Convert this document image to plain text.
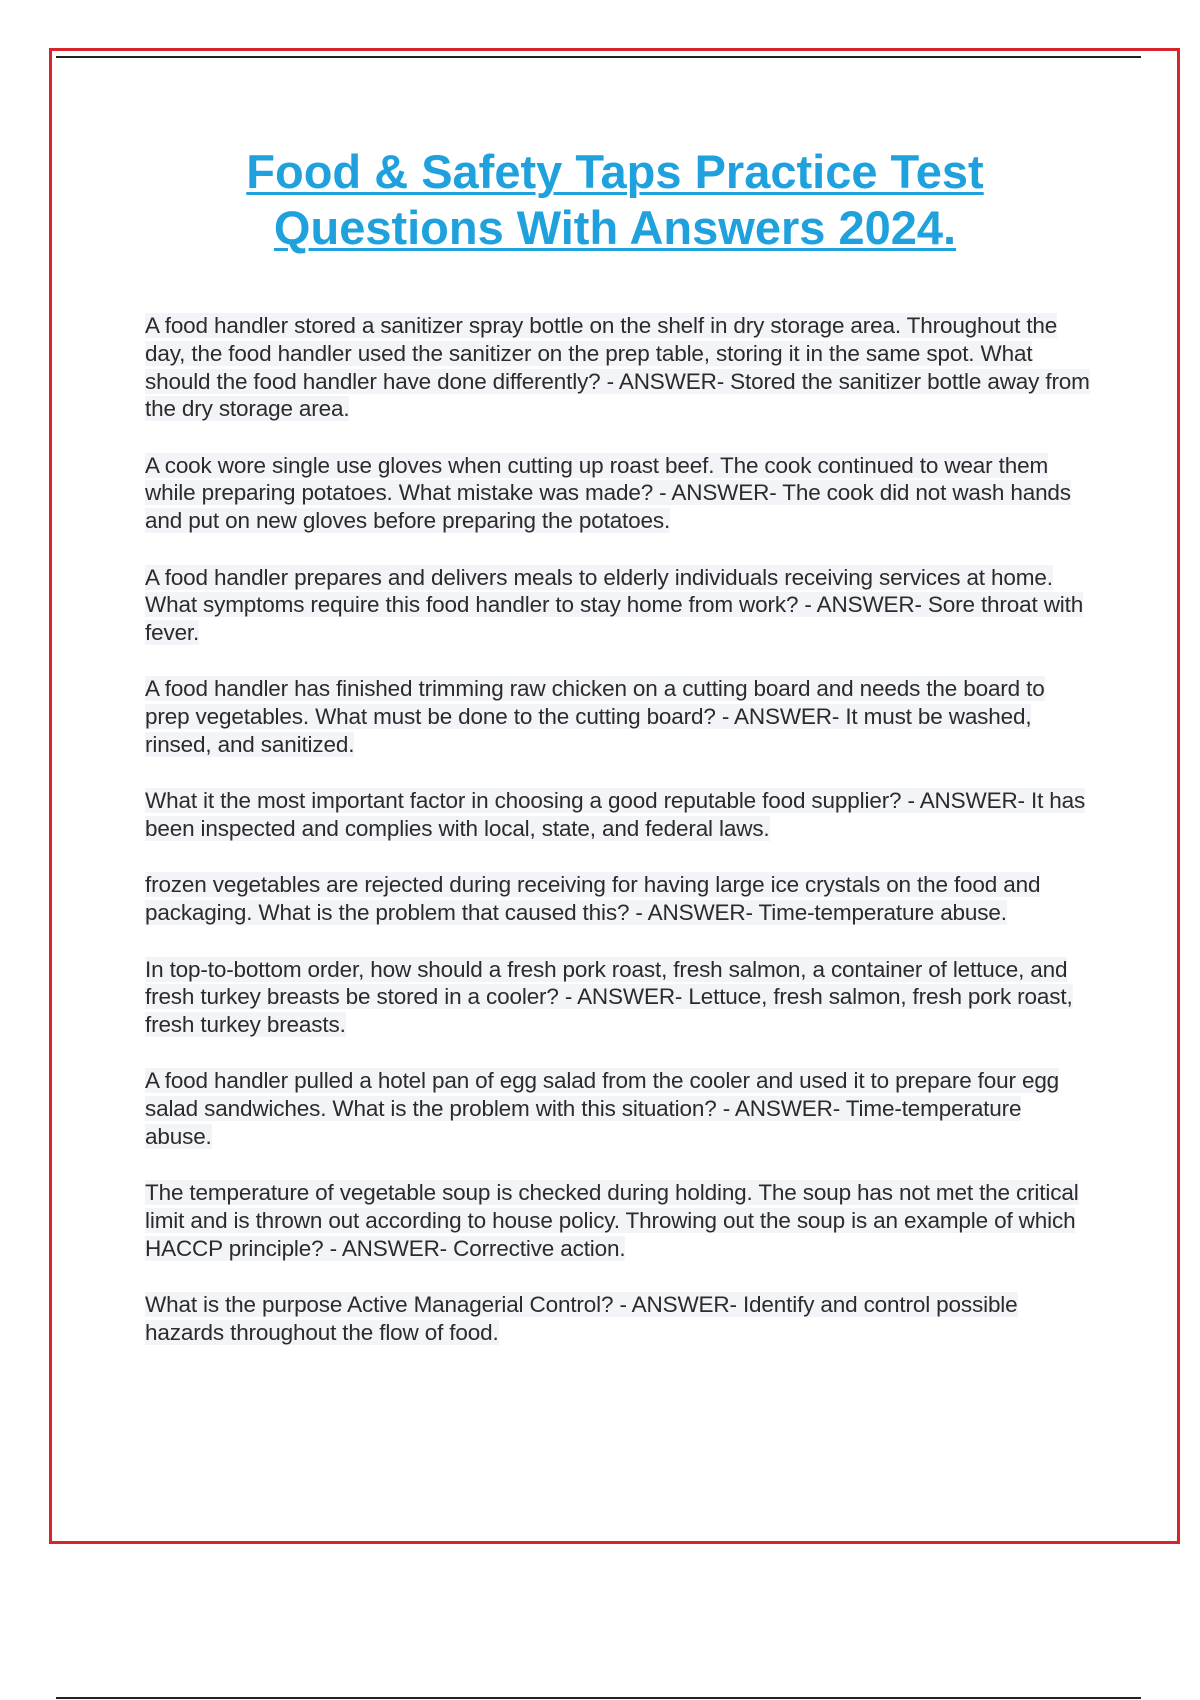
Food & Safety Taps Practice Test
Questions With Answers 2024.
A food handler stored a sanitizer spray bottle on the shelf in dry storage area. Throughout the day, the food handler used the sanitizer on the prep table, storing it in the same spot. What should the food handler have done differently? - ANSWER- Stored the sanitizer bottle away from the dry storage area.
A cook wore single use gloves when cutting up roast beef. The cook continued to wear them while preparing potatoes. What mistake was made? - ANSWER- The cook did not wash hands and put on new gloves before preparing the potatoes.
A food handler prepares and delivers meals to elderly individuals receiving services at home. What symptoms require this food handler to stay home from work? - ANSWER- Sore throat with fever.
A food handler has finished trimming raw chicken on a cutting board and needs the board to prep vegetables. What must be done to the cutting board? - ANSWER- It must be washed, rinsed, and sanitized.
What it the most important factor in choosing a good reputable food supplier? - ANSWER- It has been inspected and complies with local, state, and federal laws.
frozen vegetables are rejected during receiving for having large ice crystals on the food and packaging. What is the problem that caused this? - ANSWER- Time-temperature abuse.
In top-to-bottom order, how should a fresh pork roast, fresh salmon, a container of lettuce, and fresh turkey breasts be stored in a cooler? - ANSWER- Lettuce, fresh salmon, fresh pork roast, fresh turkey breasts.
A food handler pulled a hotel pan of egg salad from the cooler and used it to prepare four egg salad sandwiches. What is the problem with this situation? - ANSWER- Time-temperature abuse.
The temperature of vegetable soup is checked during holding. The soup has not met the critical limit and is thrown out according to house policy. Throwing out the soup is an example of which HACCP principle? - ANSWER- Corrective action.
What is the purpose Active Managerial Control? - ANSWER- Identify and control possible hazards throughout the flow of food.
